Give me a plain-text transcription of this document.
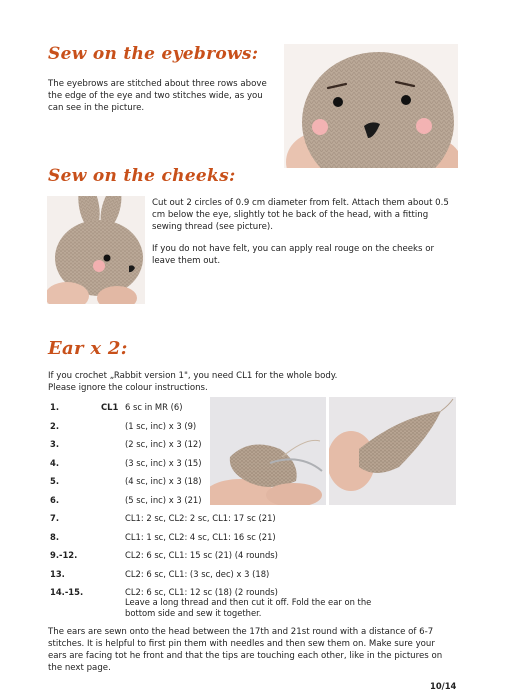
Sew on the eyebrows:
The eyebrows are stitched about three rows above the edge of the eye and two stitches wide, as you can see in the picture.
Sew on the cheeks:
Cut out 2 circles of 0.9 cm diameter from felt. Attach them about 0.5 cm below the eye, slightly tot he back of the head, with a fitting sewing thread (see picture).
If you do not have felt, you can apply real rouge on the cheeks or leave them out.
Ear x 2:
If you crochet „Rabbit version 1", you need CL1 for the whole body. Please ignore the colour instructions.
1.	CL1	6 sc in MR (6)
2.		(1 sc, inc) x 3 (9)
3.		(2 sc, inc) x 3 (12)
4.		(3 sc, inc) x 3 (15)
5.		(4 sc, inc) x 3 (18)
6.		(5 sc, inc) x 3 (21)
7.		CL1: 2 sc, CL2: 2 sc, CL1: 17 sc (21)
8.		CL1: 1 sc, CL2: 4 sc, CL1: 16 sc (21)
9.-12.		CL2: 6 sc, CL1: 15 sc (21) (4 rounds)
13.		CL2: 6 sc, CL1: (3 sc, dec) x 3 (18)
14.-15.		CL2: 6 sc, CL1: 12 sc (18) (2 rounds)
Leave a long thread and then cut it off. Fold the ear on the bottom side and sew it together.
The ears are sewn onto the head between the 17th and 21st round with a distance of 6-7 stitches. It is helpful to first pin them with needles and then sew them on. Make sure your ears are facing tot he front and that the tips are touching each other, like in the pictures on the next page.
10/14
